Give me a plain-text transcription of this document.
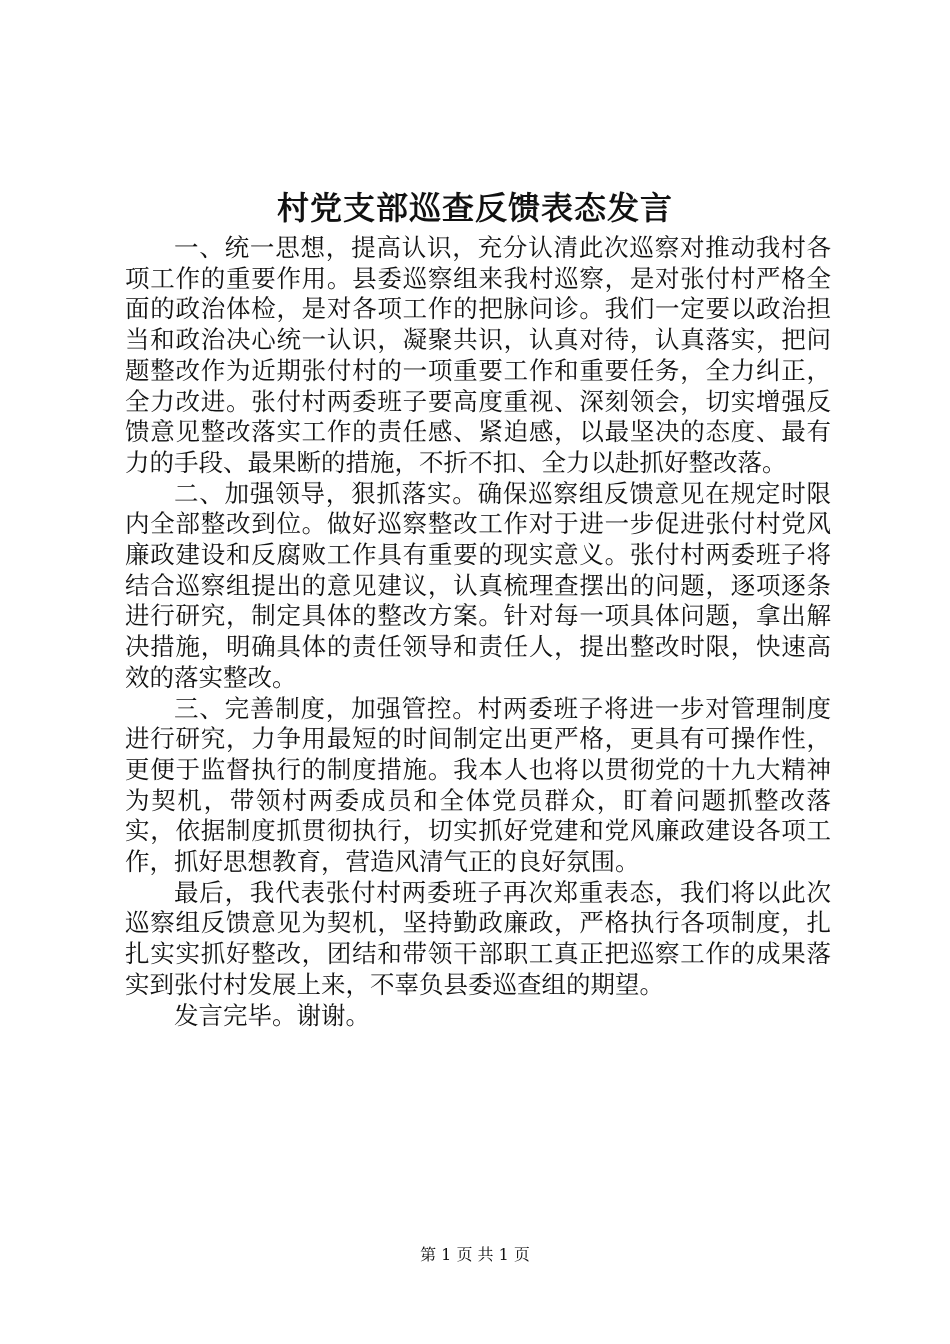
村党支部巡查反馈表态发言

一、统一思想，提高认识，充分认清此次巡察对推动我村各项工作的重要作用。县委巡察组来我村巡察，是对张付村严格全面的政治体检，是对各项工作的把脉问诊。我们一定要以政治担当和政治决心统一认识，凝聚共识，认真对待，认真落实，把问题整改作为近期张付村的一项重要工作和重要任务，全力纠正，全力改进。张付村两委班子要高度重视、深刻领会，切实增强反馈意见整改落实工作的责任感、紧迫感，以最坚决的态度、最有力的手段、最果断的措施，不折不扣、全力以赴抓好整改落。

二、加强领导，狠抓落实。确保巡察组反馈意见在规定时限内全部整改到位。做好巡察整改工作对于进一步促进张付村党风廉政建设和反腐败工作具有重要的现实意义。张付村两委班子将结合巡察组提出的意见建议，认真梳理查摆出的问题，逐项逐条进行研究，制定具体的整改方案。针对每一项具体问题，拿出解决措施，明确具体的责任领导和责任人，提出整改时限，快速高效的落实整改。

三、完善制度，加强管控。村两委班子将进一步对管理制度进行研究，力争用最短的时间制定出更严格，更具有可操作性，更便于监督执行的制度措施。我本人也将以贯彻党的十九大精神为契机，带领村两委成员和全体党员群众，盯着问题抓整改落实，依据制度抓贯彻执行，切实抓好党建和党风廉政建设各项工作，抓好思想教育，营造风清气正的良好氛围。

最后，我代表张付村两委班子再次郑重表态，我们将以此次巡察组反馈意见为契机，坚持勤政廉政，严格执行各项制度，扎扎实实抓好整改，团结和带领干部职工真正把巡察工作的成果落实到张付村发展上来，不辜负县委巡查组的期望。

发言完毕。谢谢。

第 1 页 共 1 页
